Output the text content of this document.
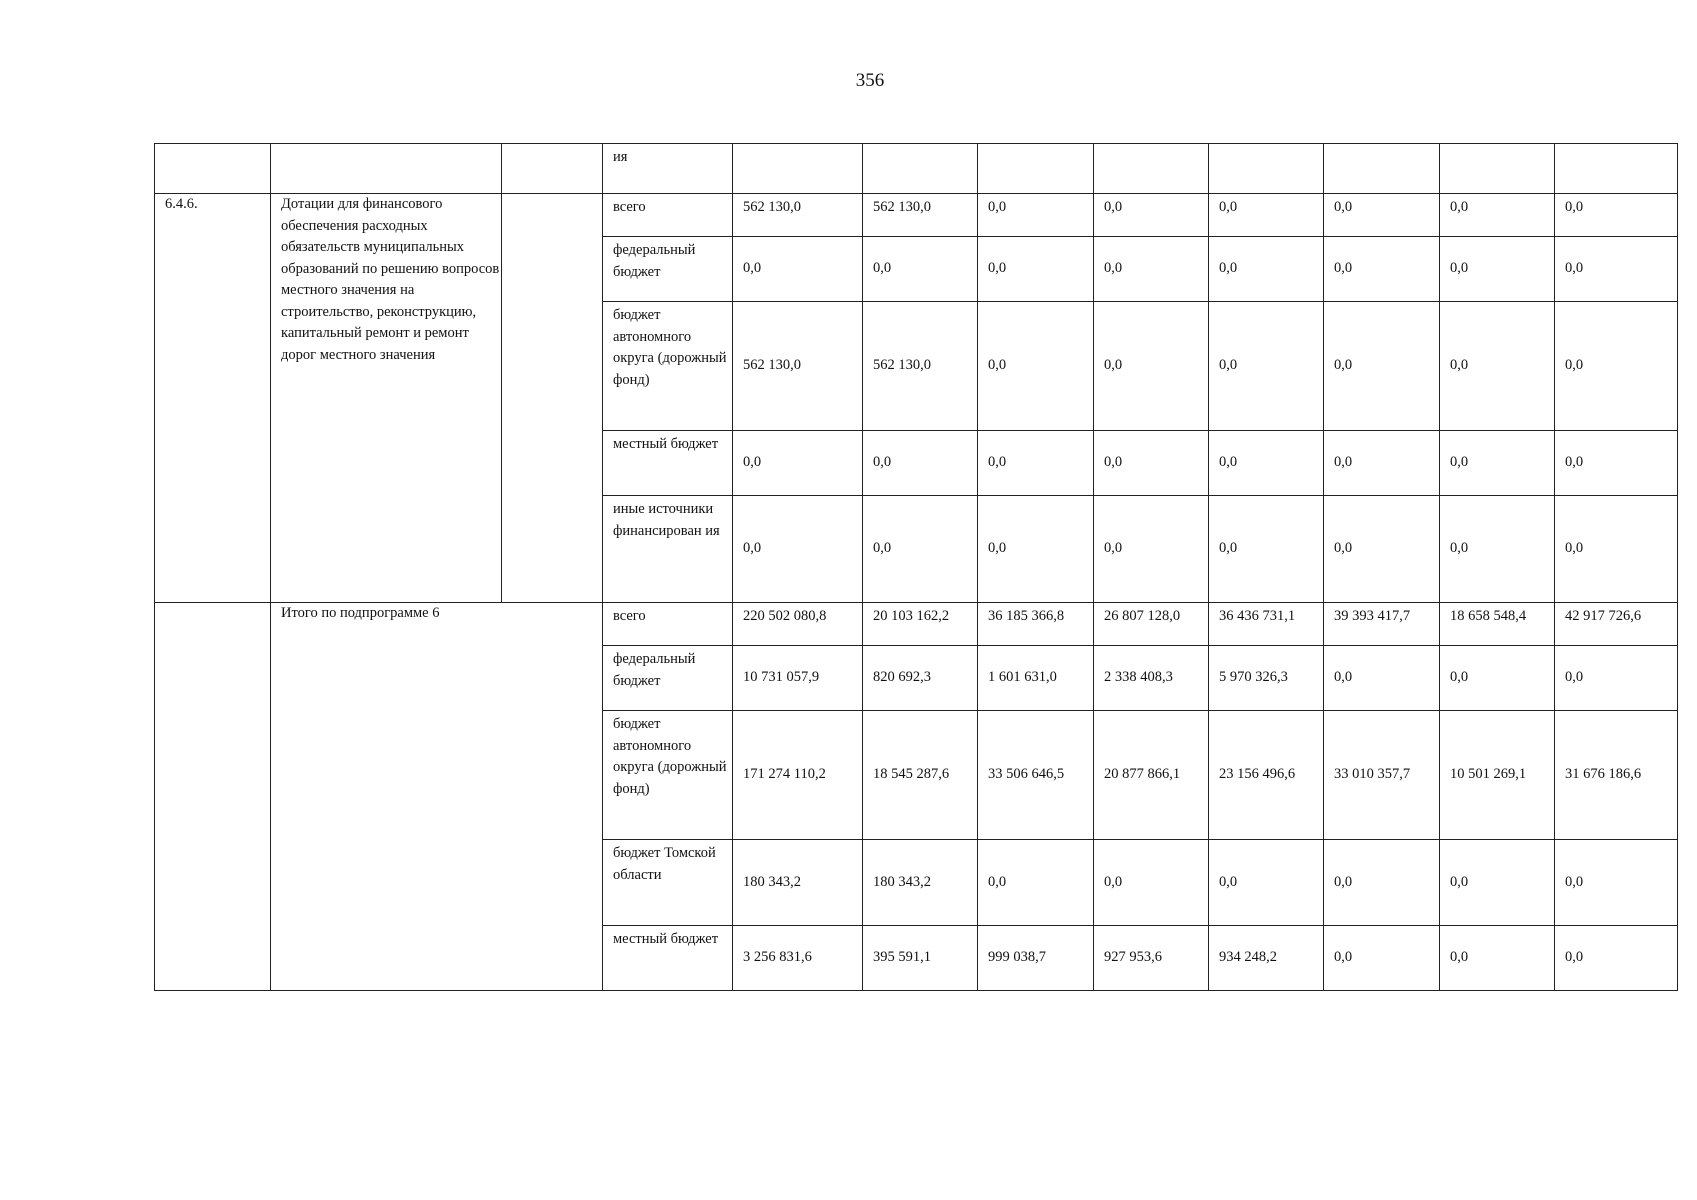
356
			ия								
6.4.6.	Дотации для финансового обеспечения расходных обязательств муниципальных образований по решению вопросов местного значения на строительство, реконструкцию, капитальный ремонт и ремонт дорог местного значения		всего	562 130,0	562 130,0	0,0	0,0	0,0	0,0	0,0	0,0
			федеральный бюджет	0,0	0,0	0,0	0,0	0,0	0,0	0,0	0,0
			бюджет автономного округа (дорожный фонд)	562 130,0	562 130,0	0,0	0,0	0,0	0,0	0,0	0,0
			местный бюджет	0,0	0,0	0,0	0,0	0,0	0,0	0,0	0,0
			иные источники финансирован ия	0,0	0,0	0,0	0,0	0,0	0,0	0,0	0,0
	Итого по подпрограмме 6		всего	220 502 080,8	20 103 162,2	36 185 366,8	26 807 128,0	36 436 731,1	39 393 417,7	18 658 548,4	42 917 726,6
			федеральный бюджет	10 731 057,9	820 692,3	1 601 631,0	2 338 408,3	5 970 326,3	0,0	0,0	0,0
			бюджет автономного округа (дорожный фонд)	171 274 110,2	18 545 287,6	33 506 646,5	20 877 866,1	23 156 496,6	33 010 357,7	10 501 269,1	31 676 186,6
			бюджет Томской области	180 343,2	180 343,2	0,0	0,0	0,0	0,0	0,0	0,0
			местный бюджет	3 256 831,6	395 591,1	999 038,7	927 953,6	934 248,2	0,0	0,0	0,0
